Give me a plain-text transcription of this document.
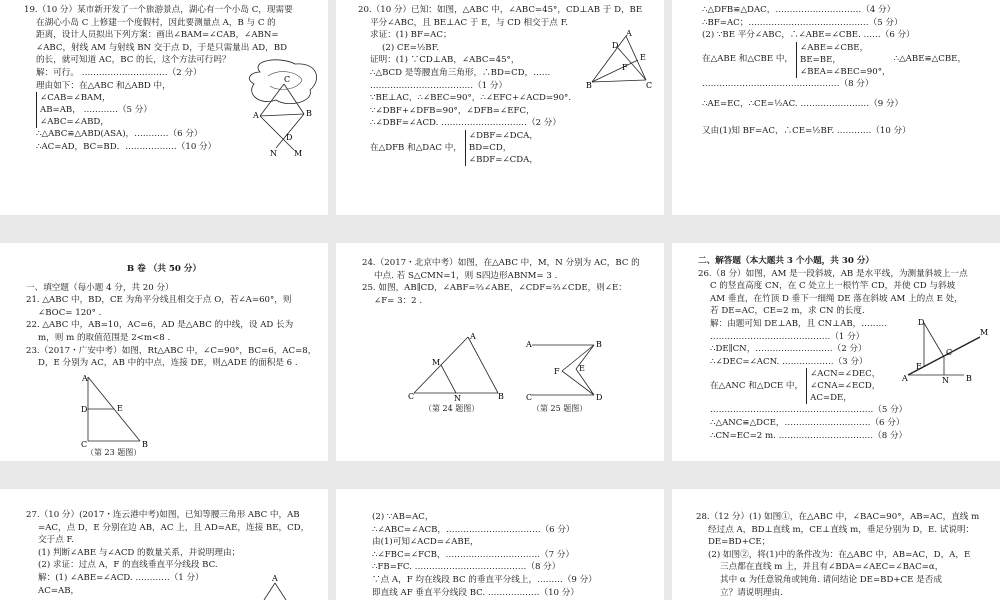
19.（10 分）某市新开发了一个旅游景点，湖心有一个小岛 C，现需要

在湖心小岛 C 上修建一个度假村，因此要测量点 A，B 与 C 的

距离，设计人员拟出下列方案：画出∠BAM=∠CAB，∠ABN=

∠ABC，射线 AM 与射线 BN 交于点 D，于是只需量出 AD，BD

的长，就可知道 AC，BC 的长，这个方法可行吗？

解：可行。 …………………………（2 分）

理由如下：在△ABC 和△ABD 中，

∠CAB=∠BAM，

AB=AB， …………（5 分）

∠ABC=∠ABD，

∴△ABC≌△ABD(ASA)，…………（6 分）

∴AC=AD，BC=BD．………………（10 分）

C
A	B
D
N M

20.（10 分）已知：如图，△ABC 中，∠ABC=45°，CD⊥AB 于 D，BE

平分∠ABC，且 BE⊥AC 于 E，与 CD 相交于点 F.

求证：(1) BF=AC；

(2) CE=½BF.

证明：(1) ∵CD⊥AB，∠ABC=45°，

∴△BCD 是等腰直角三角形，∴BD=CD，……

………………………………（1 分）

∵BE⊥AC，∴∠BEC=90°，∴∠EFC+∠ACD=90°.

∵∠DBF+∠DFB=90°，∠DFB=∠EFC，

∴∠DBF=∠ACD. …………………………（2 分）

在△DFB 和△DAC 中，

∠DBF=∠DCA，

BD=CD，

∠BDF=∠CDA，

A
B	C
D
E
F

∴△DFB≌△DAC，…………………………（4 分）

∴BF=AC；……………………………………（5 分）

(2) ∵BE 平分∠ABC，∴∠ABE=∠CBE. ……（6 分）

在△ABE 和△CBE 中，

∠ABE=∠CBE，

BE=BE，

∠BEA=∠BEC=90°，

∴△ABE≌△CBE，

…………………………………………（8 分）

∴AE=EC，∴CE=½AC. ……………………（9 分）

又由(1)知 BF=AC，∴CE=½BF. …………（10 分）

B 卷 （共 50 分）

一、填空题（每小题 4 分，共 20 分）

21. △ABC 中，BD，CE 为角平分线且相交于点 O，若∠A=60°，则

∠BOC= 120° .

22. △ABC 中，AB=10，AC=6，AD 是△ABC 的中线，设 AD 长为

m，则 m 的取值范围是 2<m<8 .

23.（2017・广安中考）如图，Rt△ABC 中，∠C=90°，BC=6，AC=8，

D，E 分别为 AC，AB 中的中点，连接 DE，则△ADE 的面积是 6 .

A
D	E
C	B

（第 23 题图）

24.（2017・北京中考）如图，在△ABC 中，M，N 分别为 AC，BC 的

中点. 若 S△CMN=1，则 S四边形ABNM= 3 .

25. 如图，AB∥CD，∠ABF=⅔∠ABE，∠CDF=⅔∠CDE，则∠E：

∠F= 3：2 .

A
C	B
M
N

（第 24 题图）

A	B
C	D
E
F

（第 25 题图）

二、解答题（本大题共 3 个小题，共 30 分）

26.（8 分）如图，AM 是一段斜坡，AB 是水平线，为测量斜坡上一点

C 的竖直高度 CN，在 C 处立上一根竹竿 CD，并使 CD 与斜坡

AM 垂直，在竹顶 D 垂下一细绳 DE 落在斜坡 AM 上的点 E 处，

若 DE=AC，CE=2 m，求 CN 的长度.

解：由题可知 DE⊥AB，且 CN⊥AB，………

……………………………………（1 分）

∴DE∥CN，………………………（2 分）

∴∠DEC=∠ACN. ………………（3 分）

在△ANC 和△DCE 中，

∠ACN=∠DEC，

∠CNA=∠ECD，

AC=DE，

…………………………………………………（5 分）

∴△ANC≌△DCE，…………………………（6 分）

∴CN=EC=2 m. ……………………………（8 分）

A	B
C
D
E
M
N

27.（10 分）(2017・连云港中考)如图，已知等腰三角形 ABC 中，AB

=AC，点 D，E 分别在边 AB，AC 上，且 AD=AE，连接 BE，CD，

交于点 F.

(1) 判断∠ABE 与∠ACD 的数量关系，并说明理由；

(2) 求证：过点 A，F 的直线垂直平分线段 BC.

解：(1) ∠ABE=∠ACD. …………（1 分）

AC=AB，

A

(2) ∵AB=AC，

∴∠ABC=∠ACB，……………………………（6 分）

由(1)可知∠ACD=∠ABE，

∴∠FBC=∠FCB，……………………………（7 分）

∴FB=FC. …………………………………（8 分）

∵点 A，F 均在线段 BC 的垂直平分线上，………（9 分）

即直线 AF 垂直平分线段 BC. ………………（10 分）

28.（12 分）(1) 如图①，在△ABC 中，∠BAC=90°，AB=AC，直线 m

经过点 A，BD⊥直线 m，CE⊥直线 m，垂足分别为 D，E. 试说明：

DE=BD+CE；

(2) 如图②，将(1)中的条件改为：在△ABC 中，AB=AC，D，A，E

三点都在直线 m 上，并且有∠BDA=∠AEC=∠BAC=α，

其中 α 为任意锐角或钝角. 请问结论 DE=BD+CE 是否成

立？请说明理由.
